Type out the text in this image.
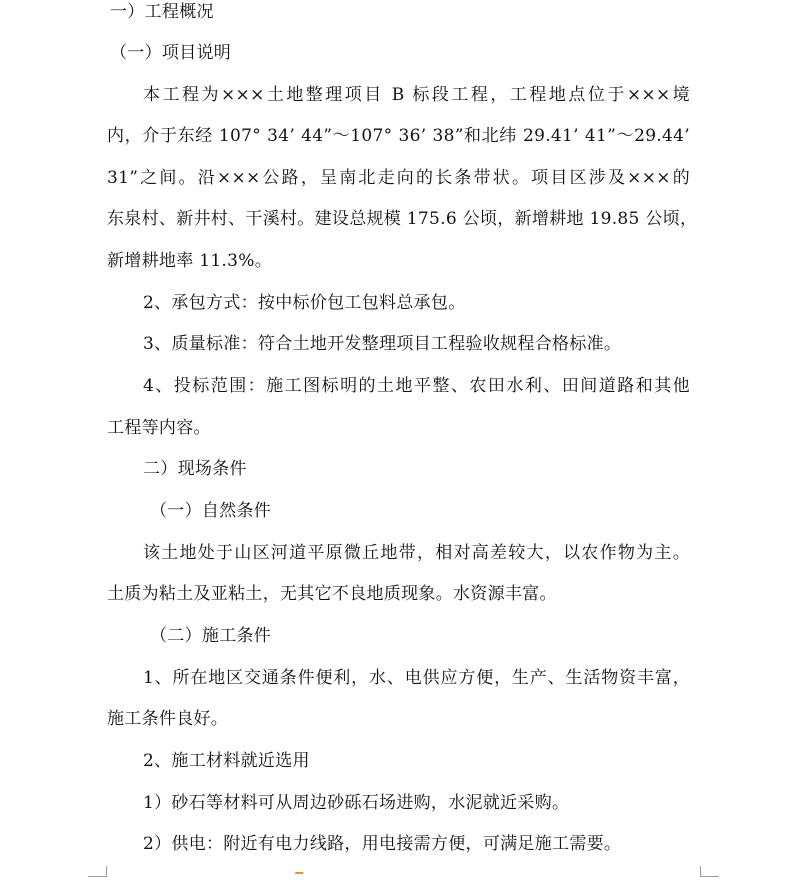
一）工程概况
（一）项目说明
本工程为×××土地整理项目 B 标段工程，工程地点位于×××境
内，介于东经 107° 34’ 44”～107° 36’ 38”和北纬 29.41’ 41”～29.44’
31”之间。沿×××公路，呈南北走向的长条带状。项目区涉及×××的
东泉村、新井村、干溪村。建设总规模 175.6 公顷，新增耕地 19.85 公顷，
新增耕地率 11.3%。
2、承包方式：按中标价包工包料总承包。
3、质量标准：符合土地开发整理项目工程验收规程合格标准。
4、投标范围：施工图标明的土地平整、农田水利、田间道路和其他
工程等内容。
二）现场条件
（一）自然条件
该土地处于山区河道平原微丘地带，相对高差较大，以农作物为主。
土质为粘土及亚粘土，无其它不良地质现象。水资源丰富。
（二）施工条件
1、所在地区交通条件便利，水、电供应方便，生产、生活物资丰富，
施工条件良好。
2、施工材料就近选用
1）砂石等材料可从周边砂砾石场进购，水泥就近采购。
2）供电：附近有电力线路，用电接需方便，可满足施工需要。
